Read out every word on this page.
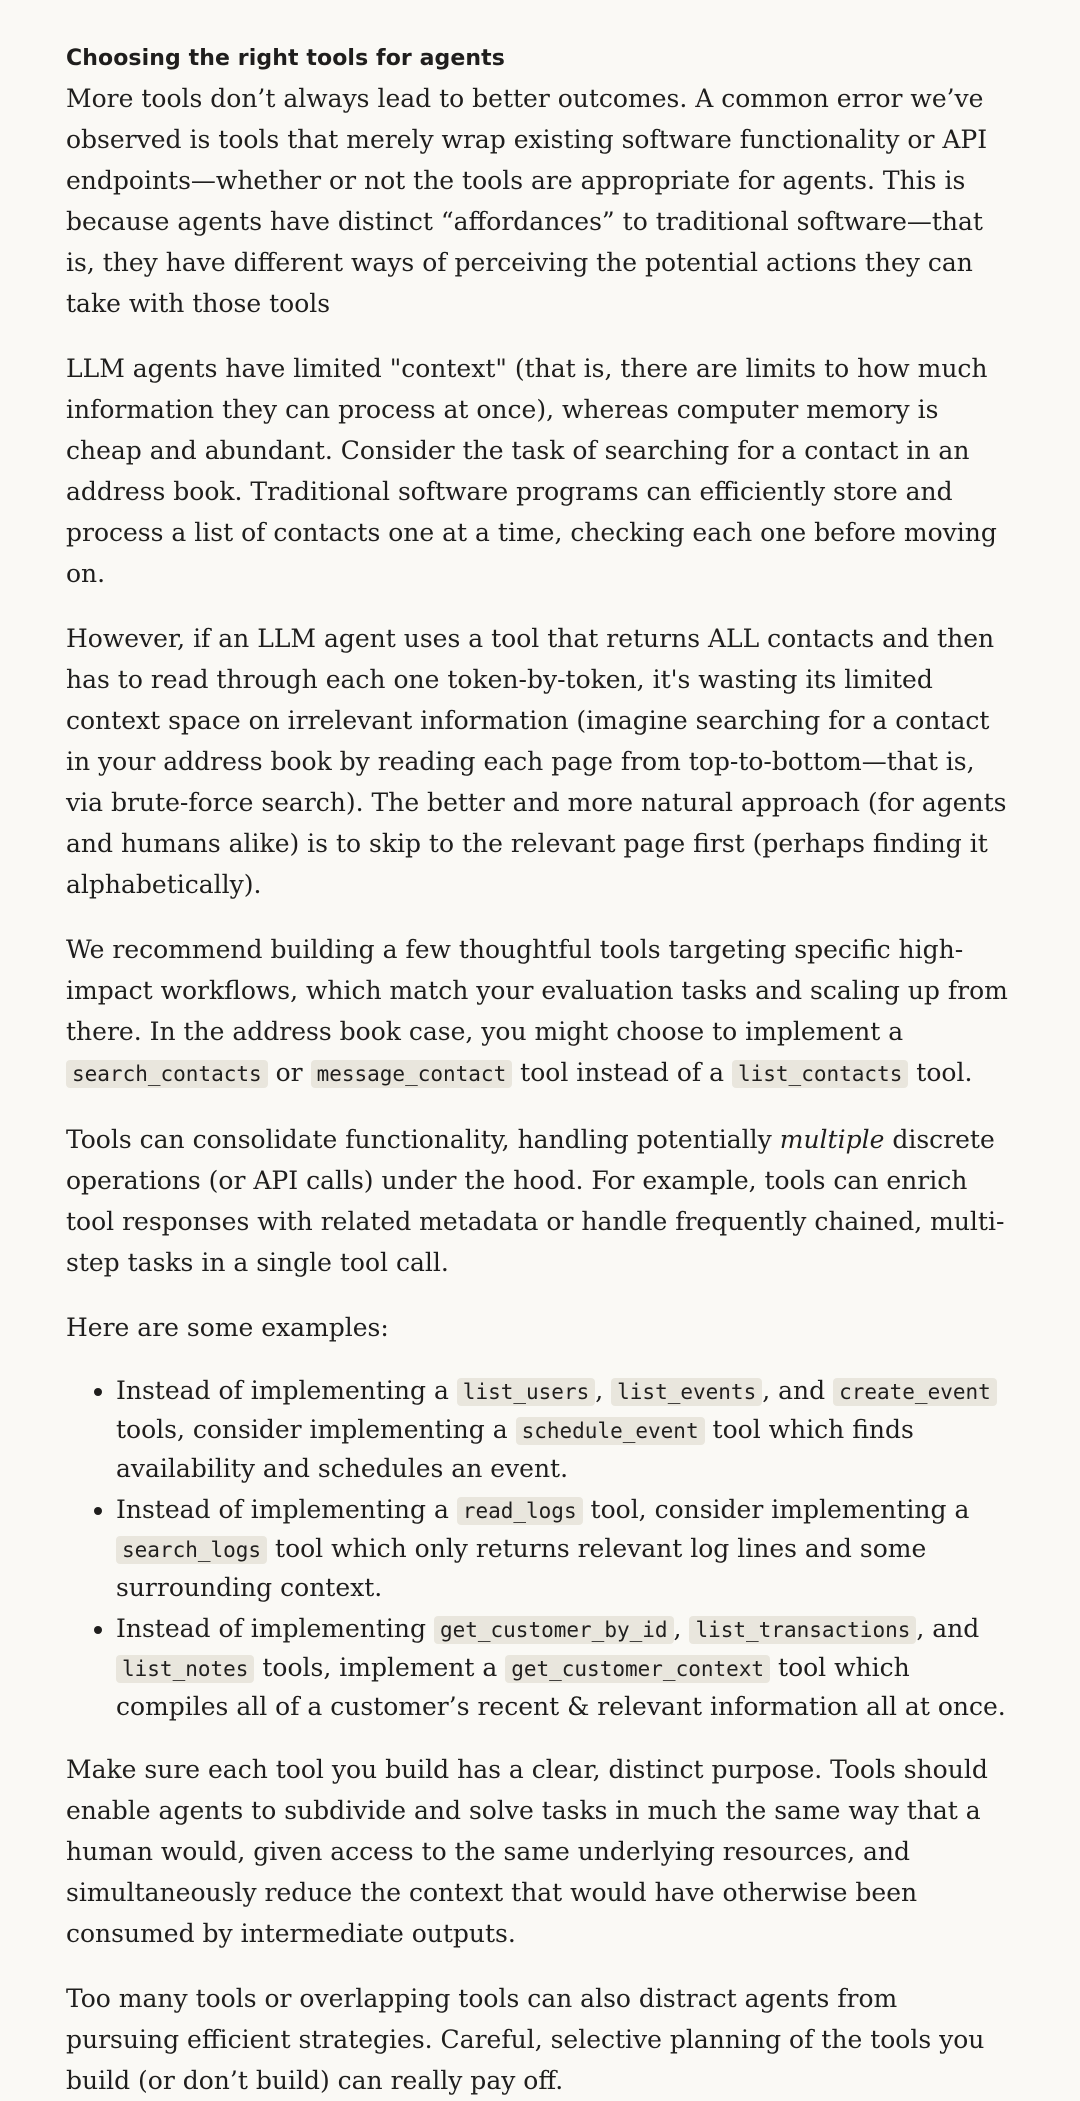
Choosing the right tools for agents

More tools don’t always lead to better outcomes. A common error we’ve observed is tools that merely wrap existing software functionality or API endpoints—whether or not the tools are appropriate for agents. This is because agents have distinct “affordances” to traditional software—that is, they have different ways of perceiving the potential actions they can take with those tools

LLM agents have limited "context" (that is, there are limits to how much information they can process at once), whereas computer memory is cheap and abundant. Consider the task of searching for a contact in an address book. Traditional software programs can efficiently store and process a list of contacts one at a time, checking each one before moving on.

However, if an LLM agent uses a tool that returns ALL contacts and then has to read through each one token-by-token, it's wasting its limited context space on irrelevant information (imagine searching for a contact in your address book by reading each page from top-to-bottom—that is, via brute-force search). The better and more natural approach (for agents and humans alike) is to skip to the relevant page first (perhaps finding it alphabetically).

We recommend building a few thoughtful tools targeting specific high-impact workflows, which match your evaluation tasks and scaling up from there. In the address book case, you might choose to implement a search_contacts or message_contact tool instead of a list_contacts tool.

Tools can consolidate functionality, handling potentially multiple discrete operations (or API calls) under the hood. For example, tools can enrich tool responses with related metadata or handle frequently chained, multi-step tasks in a single tool call.

Here are some examples:

• Instead of implementing a list_users , list_events , and create_event tools, consider implementing a schedule_event tool which finds availability and schedules an event.
• Instead of implementing a read_logs tool, consider implementing a search_logs tool which only returns relevant log lines and some surrounding context.
• Instead of implementing get_customer_by_id , list_transactions , and list_notes tools, implement a get_customer_context tool which compiles all of a customer’s recent & relevant information all at once.

Make sure each tool you build has a clear, distinct purpose. Tools should enable agents to subdivide and solve tasks in much the same way that a human would, given access to the same underlying resources, and simultaneously reduce the context that would have otherwise been consumed by intermediate outputs.

Too many tools or overlapping tools can also distract agents from pursuing efficient strategies. Careful, selective planning of the tools you build (or don’t build) can really pay off.
